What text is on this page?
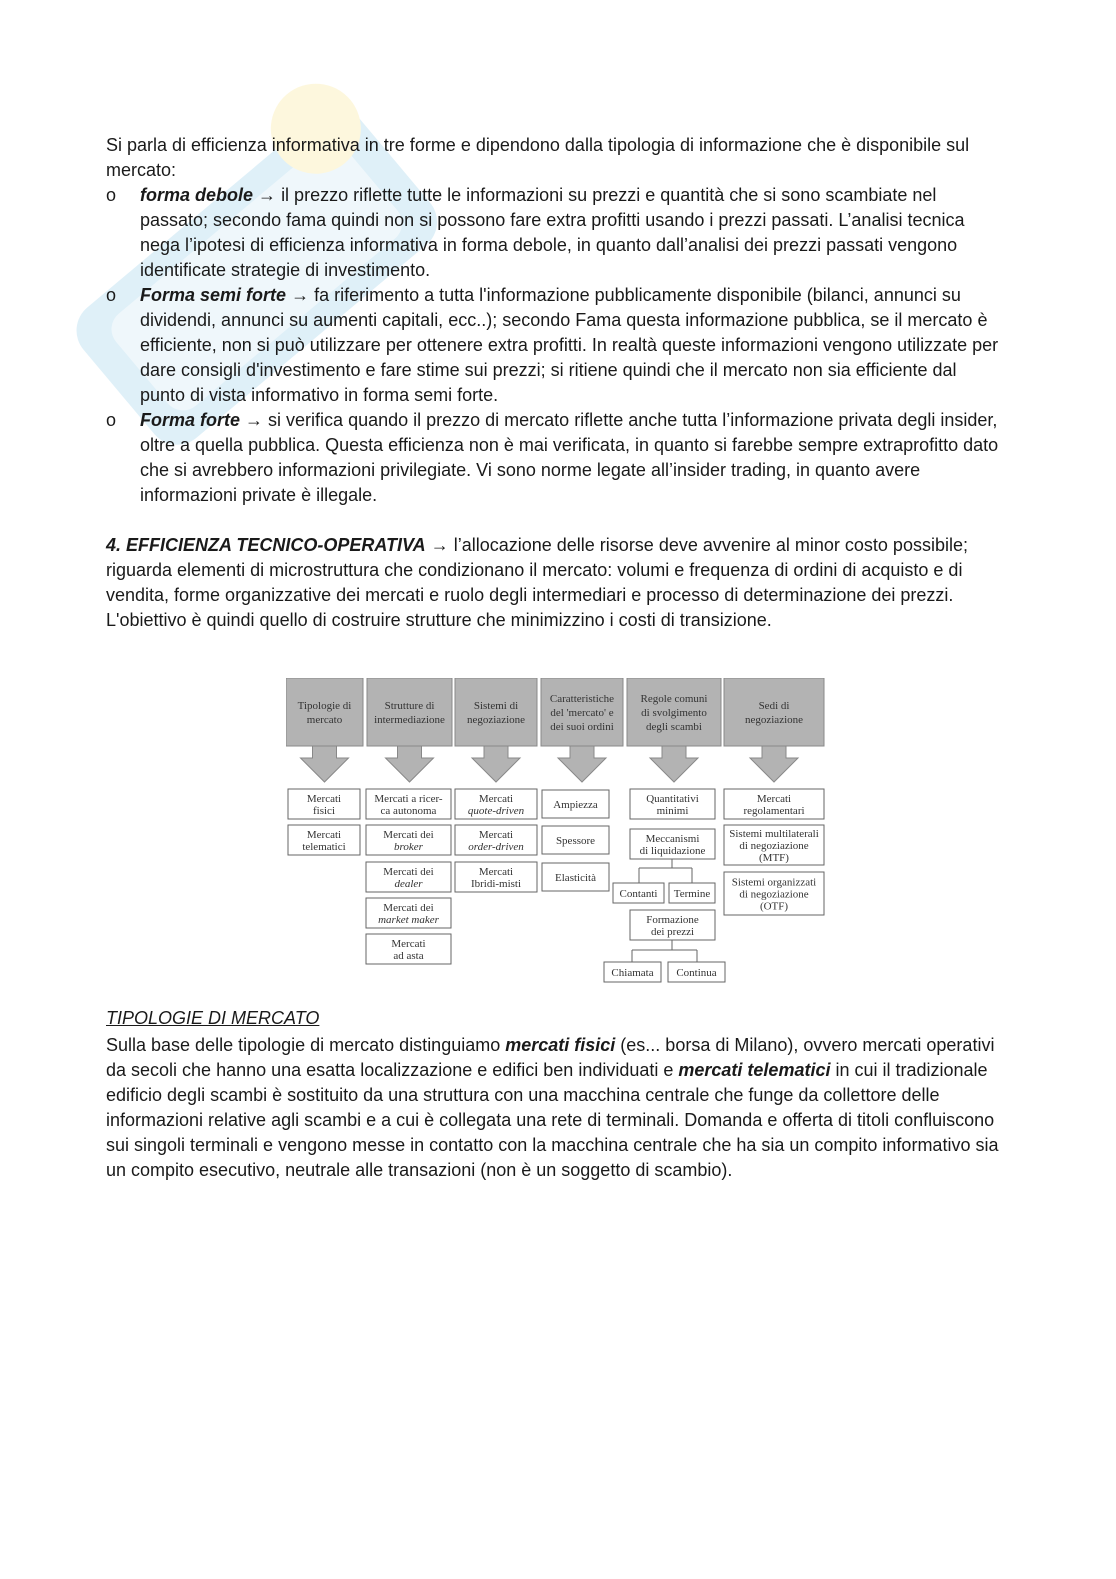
Si parla di efficienza informativa in tre forme e dipendono dalla tipologia di informazione che è disponibile sul mercato:

o forma debole → il prezzo riflette tutte le informazioni su prezzi e quantità che si sono scambiate nel passato; secondo fama quindi non si possono fare extra profitti usando i prezzi passati. L’analisi tecnica nega l’ipotesi di efficienza informativa in forma debole, in quanto dall’analisi dei prezzi passati vengono identificate strategie di investimento.
o Forma semi forte → fa riferimento a tutta l'informazione pubblicamente disponibile (bilanci, annunci su dividendi, annunci su aumenti capitali, ecc..); secondo Fama questa informazione pubblica, se il mercato è efficiente, non si può utilizzare per ottenere extra profitti. In realtà queste informazioni vengono utilizzate per dare consigli d'investimento e fare stime sui prezzi; si ritiene quindi che il mercato non sia efficiente dal punto di vista informativo in forma semi forte.
o Forma forte → si verifica quando il prezzo di mercato riflette anche tutta l’informazione privata degli insider, oltre a quella pubblica. Questa efficienza non è mai verificata, in quanto si farebbe sempre extraprofitto dato che si avrebbero informazioni privilegiate. Vi sono norme legate all’insider trading, in quanto avere informazioni private è illegale.

4. EFFICIENZA TECNICO-OPERATIVA → l’allocazione delle risorse deve avvenire al minor costo possibile; riguarda elementi di microstruttura che condizionano il mercato: volumi e frequenza di ordini di acquisto e di vendita, forme organizzative dei mercati e ruolo degli intermediari e processo di determinazione dei prezzi. L'obiettivo è quindi quello di costruire strutture che minimizzino i costi di transizione.

Tipologie di
mercato
Strutture di
intermediazione
Sistemi di
negoziazione
Caratteristiche
del 'mercato' e
dei suoi ordini
Regole comuni
di svolgimento
degli scambi
Sedi di
negoziazione
Mercati
fisici
Mercati
telematici
Mercati a ricer-
ca autonoma
Mercati dei
broker
Mercati dei
dealer
Mercati dei
market maker
Mercati
ad asta
Mercati
quote-driven
Mercati
order-driven
Mercati
Ibridi-misti
Ampiezza
Spessore
Elasticità
Quantitativi
minimi
Meccanismi
di liquidazione
Contanti Termine
Formazione
dei prezzi
Chiamata Continua
Mercati
regolamentari
Sistemi multilaterali
di negoziazione
(MTF)
Sistemi organizzati
di negoziazione
(OTF)
TIPOLOGIE DI MERCATO

Sulla base delle tipologie di mercato distinguiamo mercati fisici (es... borsa di Milano), ovvero mercati operativi da secoli che hanno una esatta localizzazione e edifici ben individuati e mercati telematici in cui il tradizionale edificio degli scambi è sostituito da una struttura con una macchina centrale che funge da collettore delle informazioni relative agli scambi e a cui è collegata una rete di terminali. Domanda e offerta di titoli confluiscono sui singoli terminali e vengono messe in contatto con la macchina centrale che ha sia un compito informativo sia un compito esecutivo, neutrale alle transazioni (non è un soggetto di scambio).
